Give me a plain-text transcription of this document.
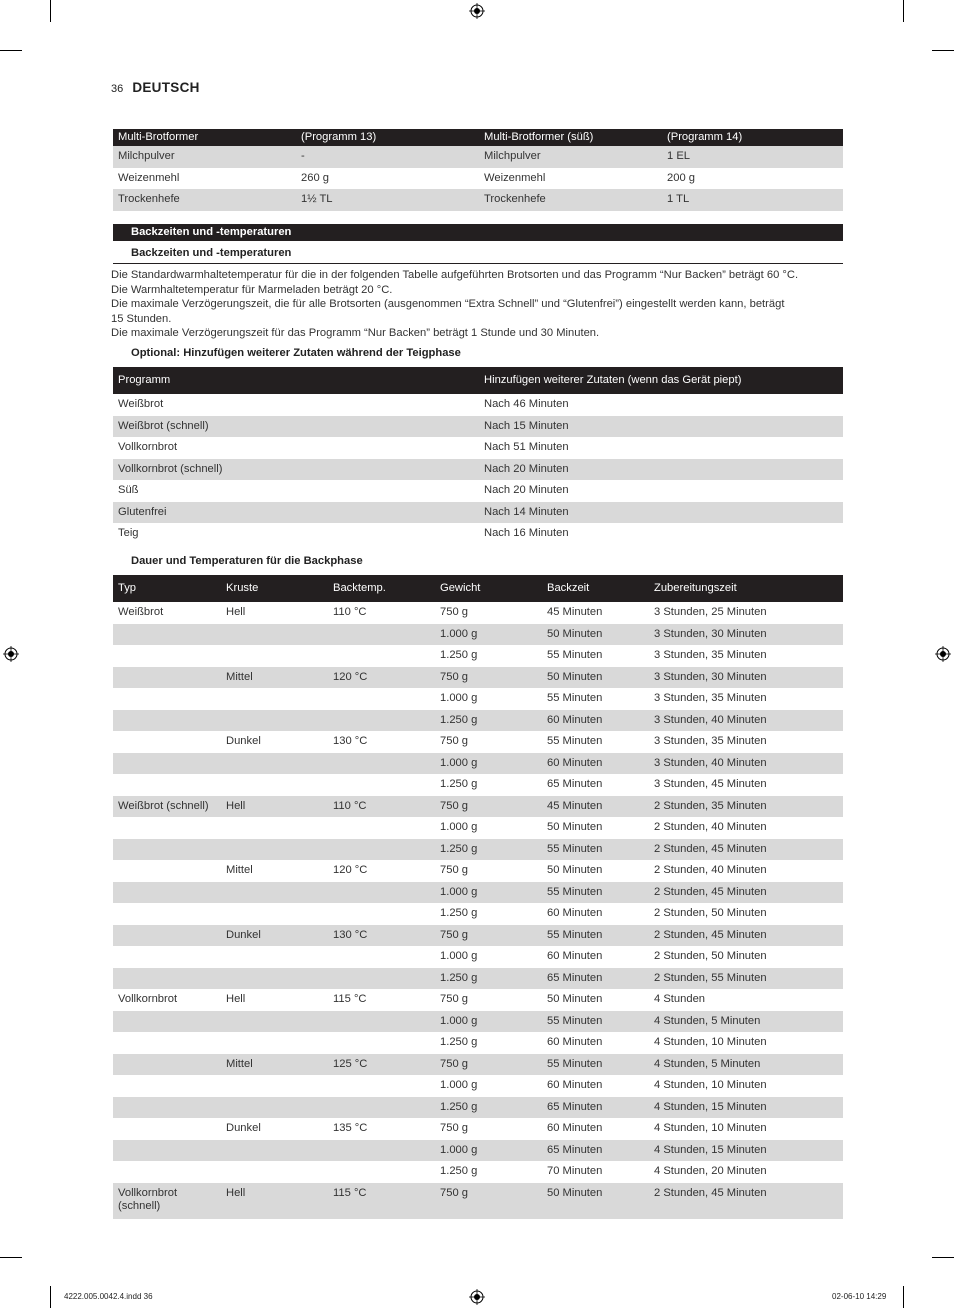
36 DEUTSCH
Multi-Brotformer	(Programm 13)	Multi-Brotformer (süß)	(Programm 14)
Milchpulver	-	Milchpulver	1 EL
Weizenmehl	260 g	Weizenmehl	200 g
Trockenhefe	1½ TL	Trockenhefe	1 TL
Backzeiten und -temperaturen
Backzeiten und -temperaturen

Die Standardwarmhaltetemperatur für die in der folgenden Tabelle aufgeführten Brotsorten und das Programm “Nur Backen” beträgt 60 °C.

Die Warmhaltetemperatur für Marmeladen beträgt 20 °C.

Die maximale Verzögerungszeit, die für alle Brotsorten (ausgenommen “Extra Schnell” und “Glutenfrei”) eingestellt werden kann, beträgt

15 Stunden.

Die maximale Verzögerungszeit für das Programm “Nur Backen” beträgt 1 Stunde und 30 Minuten.

Optional: Hinzufügen weiterer Zutaten während der Teigphase
Programm	Hinzufügen weiterer Zutaten (wenn das Gerät piept)
Weißbrot	Nach 46 Minuten
Weißbrot (schnell)	Nach 15 Minuten
Vollkornbrot	Nach 51 Minuten
Vollkornbrot (schnell)	Nach 20 Minuten
Süß	Nach 20 Minuten
Glutenfrei	Nach 14 Minuten
Teig	Nach 16 Minuten
Dauer und Temperaturen für die Backphase
Typ	Kruste	Backtemp.	Gewicht	Backzeit	Zubereitungszeit
Weißbrot	Hell	110 °C	750 g	45 Minuten	3 Stunden, 25 Minuten
			1.000 g	50 Minuten	3 Stunden, 30 Minuten
			1.250 g	55 Minuten	3 Stunden, 35 Minuten
	Mittel	120 °C	750 g	50 Minuten	3 Stunden, 30 Minuten
			1.000 g	55 Minuten	3 Stunden, 35 Minuten
			1.250 g	60 Minuten	3 Stunden, 40 Minuten
	Dunkel	130 °C	750 g	55 Minuten	3 Stunden, 35 Minuten
			1.000 g	60 Minuten	3 Stunden, 40 Minuten
			1.250 g	65 Minuten	3 Stunden, 45 Minuten
Weißbrot (schnell)	Hell	110 °C	750 g	45 Minuten	2 Stunden, 35 Minuten
			1.000 g	50 Minuten	2 Stunden, 40 Minuten
			1.250 g	55 Minuten	2 Stunden, 45 Minuten
	Mittel	120 °C	750 g	50 Minuten	2 Stunden, 40 Minuten
			1.000 g	55 Minuten	2 Stunden, 45 Minuten
			1.250 g	60 Minuten	2 Stunden, 50 Minuten
	Dunkel	130 °C	750 g	55 Minuten	2 Stunden, 45 Minuten
			1.000 g	60 Minuten	2 Stunden, 50 Minuten
			1.250 g	65 Minuten	2 Stunden, 55 Minuten
Vollkornbrot	Hell	115 °C	750 g	50 Minuten	4 Stunden
			1.000 g	55 Minuten	4 Stunden, 5 Minuten
			1.250 g	60 Minuten	4 Stunden, 10 Minuten
	Mittel	125 °C	750 g	55 Minuten	4 Stunden, 5 Minuten
			1.000 g	60 Minuten	4 Stunden, 10 Minuten
			1.250 g	65 Minuten	4 Stunden, 15 Minuten
	Dunkel	135 °C	750 g	60 Minuten	4 Stunden, 10 Minuten
			1.000 g	65 Minuten	4 Stunden, 15 Minuten
			1.250 g	70 Minuten	4 Stunden, 20 Minuten
Vollkornbrot (schnell)	Hell	115 °C	750 g	50 Minuten	2 Stunden, 45 Minuten
4222.005.0042.4.indd 36	02-06-10 14:29
